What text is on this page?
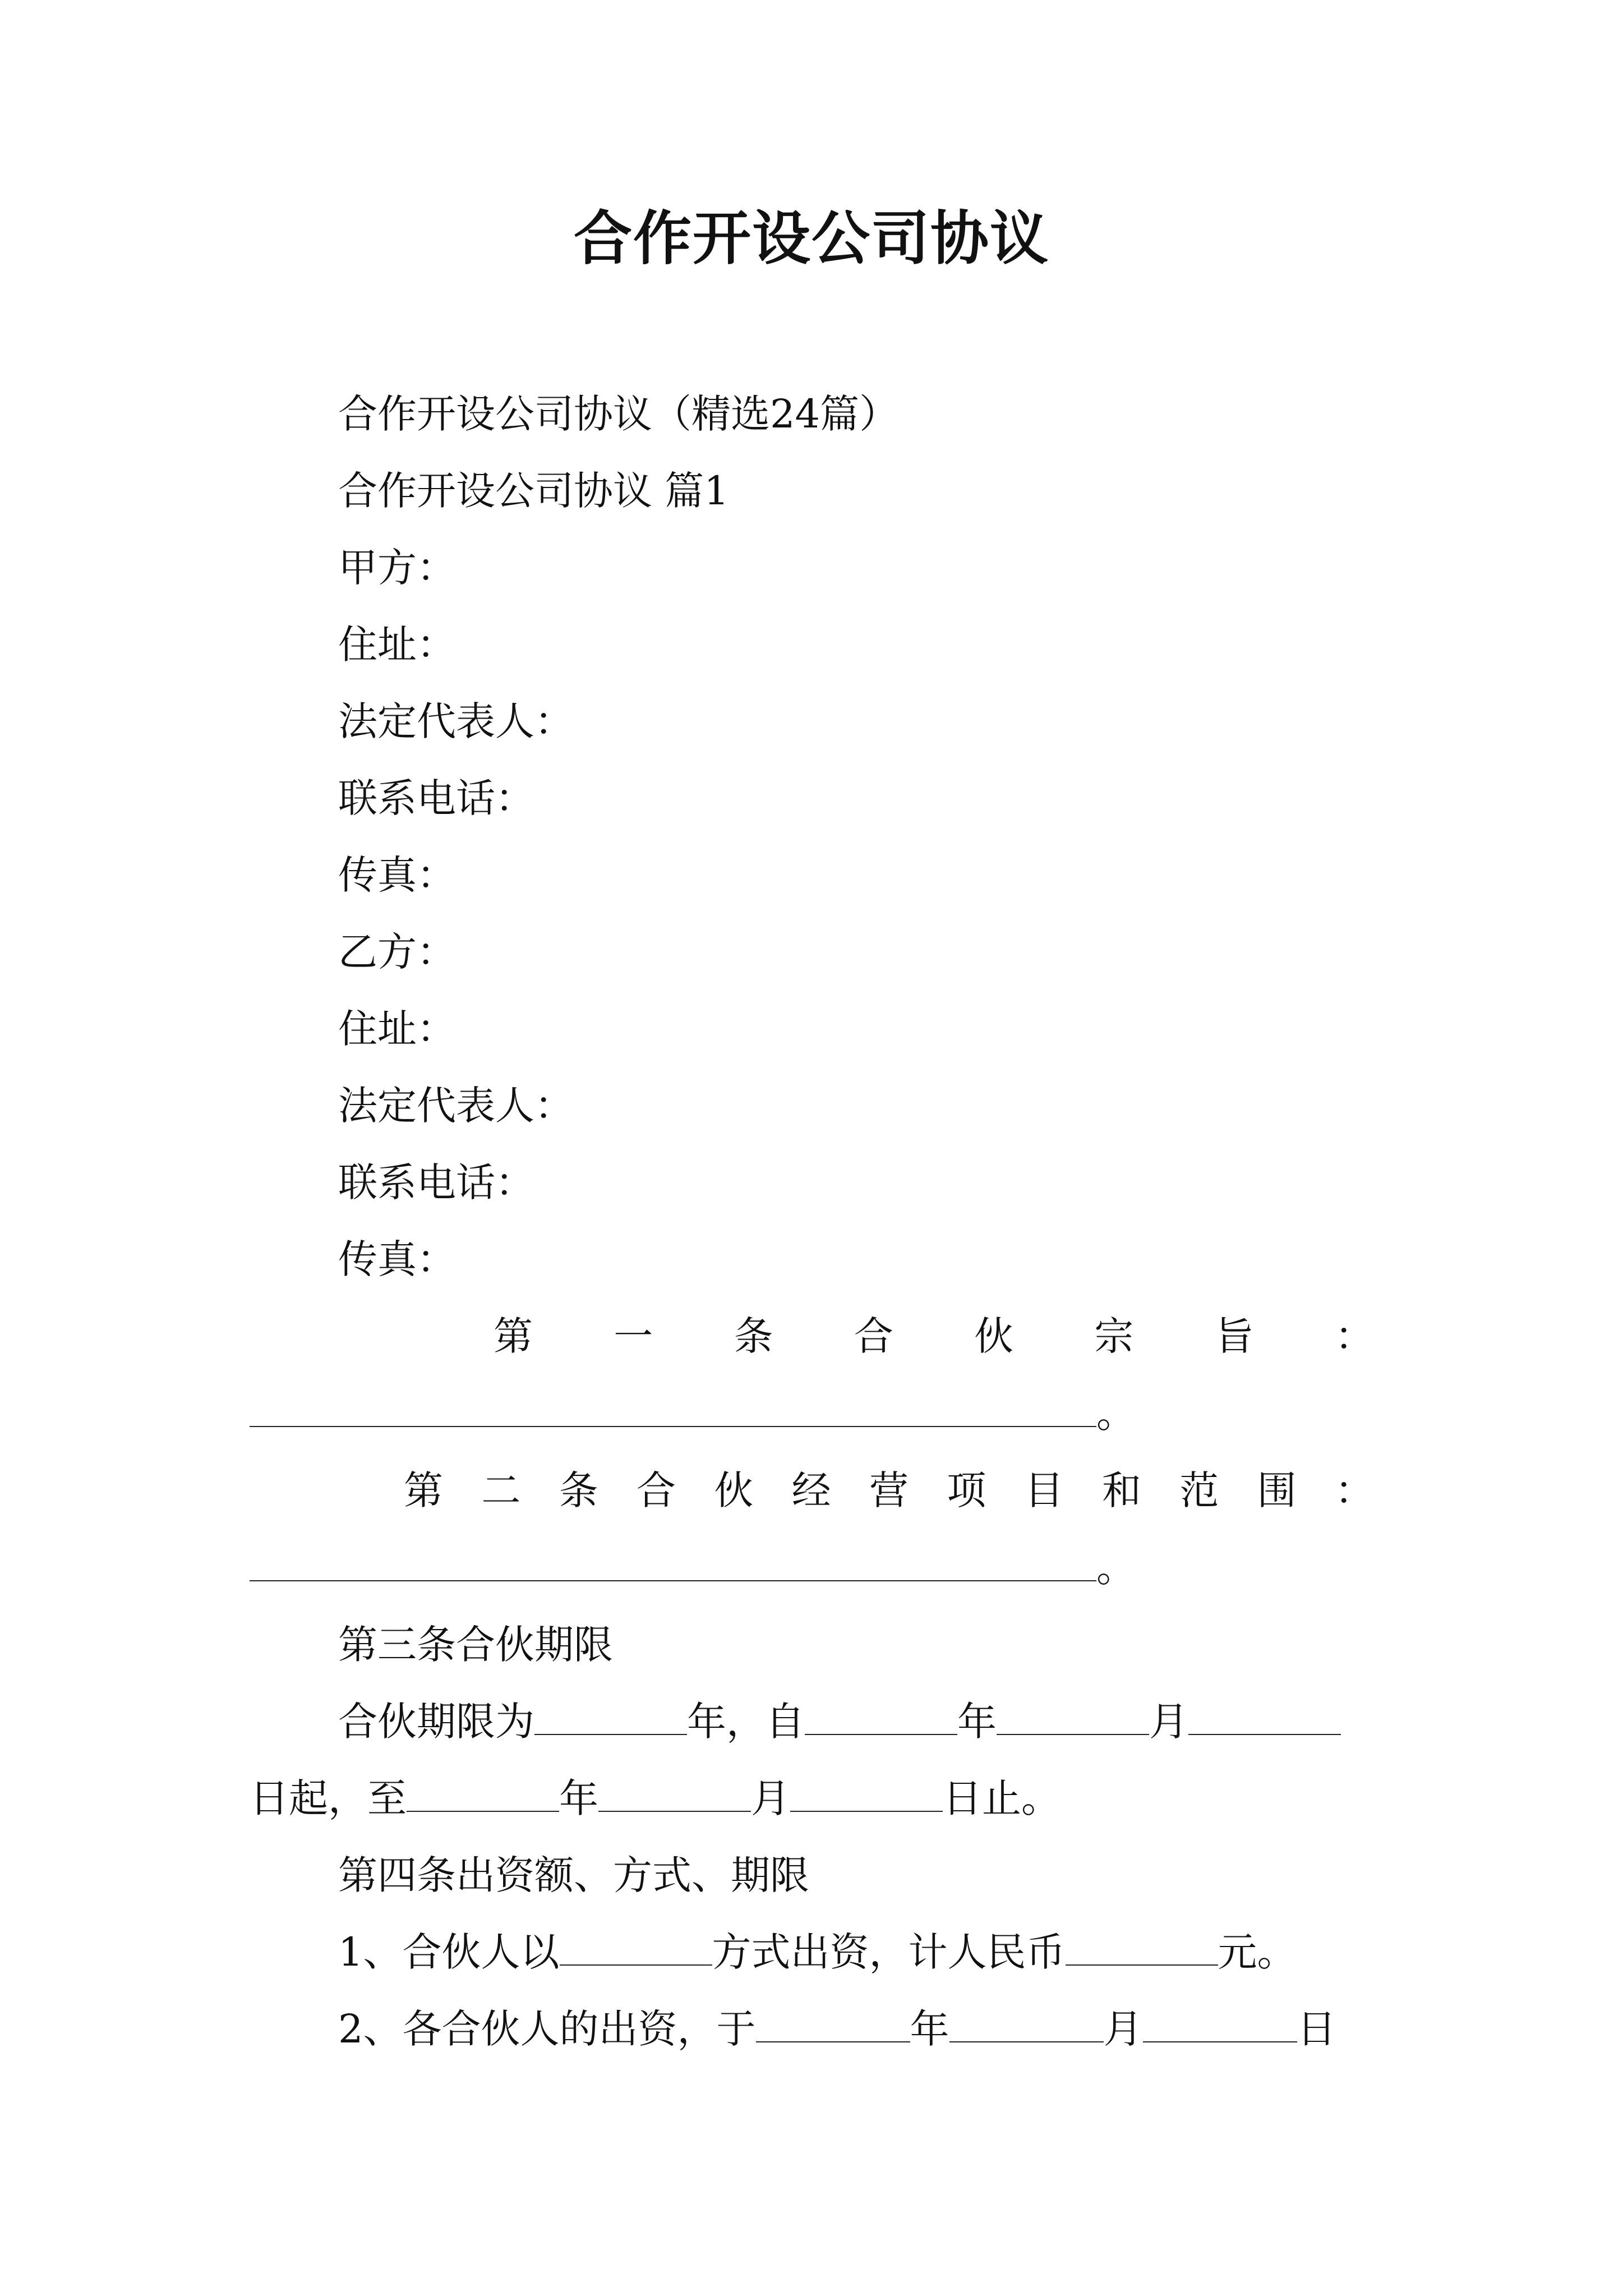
合作开设公司协议
合作开设公司协议（精选24篇）
合作开设公司协议 篇1
甲方：
住址：
法定代表人：
联系电话：
传真：
乙方：
住址：
法定代表人：
联系电话：
传真：
第 一 条 合 伙 宗 旨 ：
。
第 二 条 合 伙 经 营 项 目 和 范 围 ：
。
第三条合伙期限
合伙期限为	年，自	年	月
日起，至	年	月	日止。
第四条出资额、方式、期限
1、合伙人以	方式出资，计人民币	元。
2、各合伙人的出资，于	年	月	日
